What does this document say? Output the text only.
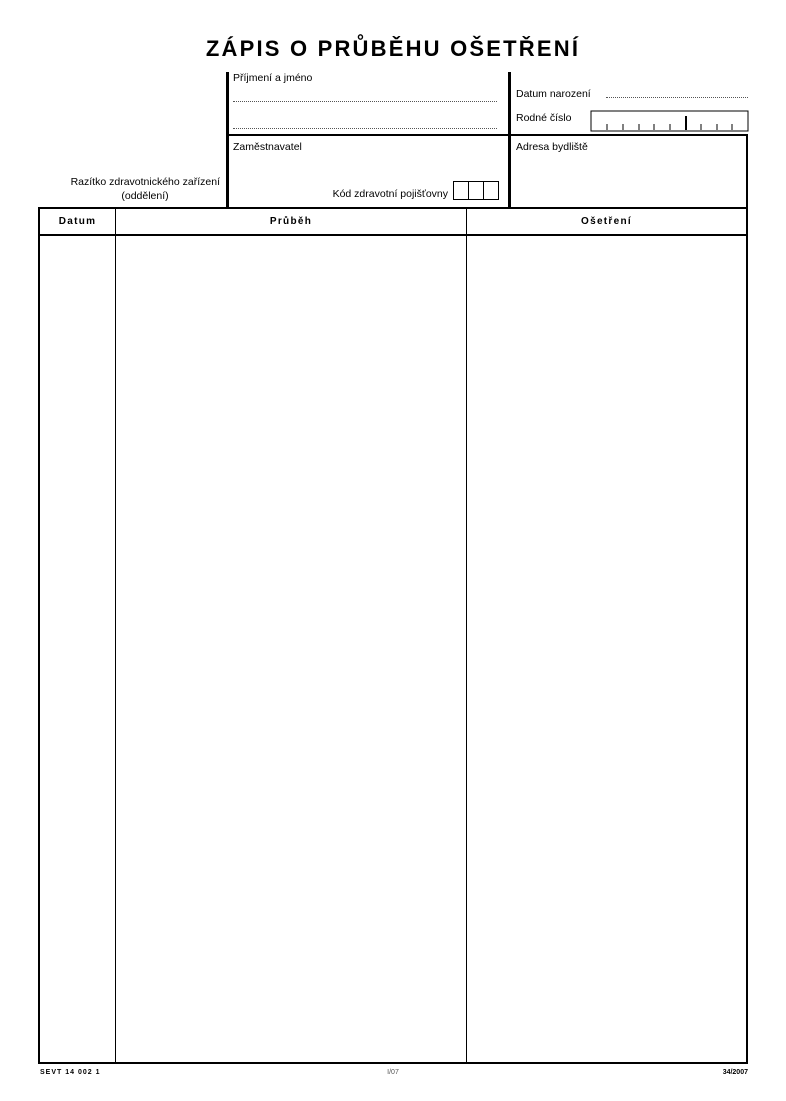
ZÁPIS O PRŮBĚHU OŠETŘENÍ
Příjmení a jméno
Datum narození
Rodné číslo
Razítko zdravotnického zařízení
(oddělení)
Zaměstnavatel
Kód zdravotní pojišťovny
Adresa bydliště
Datum	Průběh	Ošetření
SEVT 14 002 1	I/07	34/2007
